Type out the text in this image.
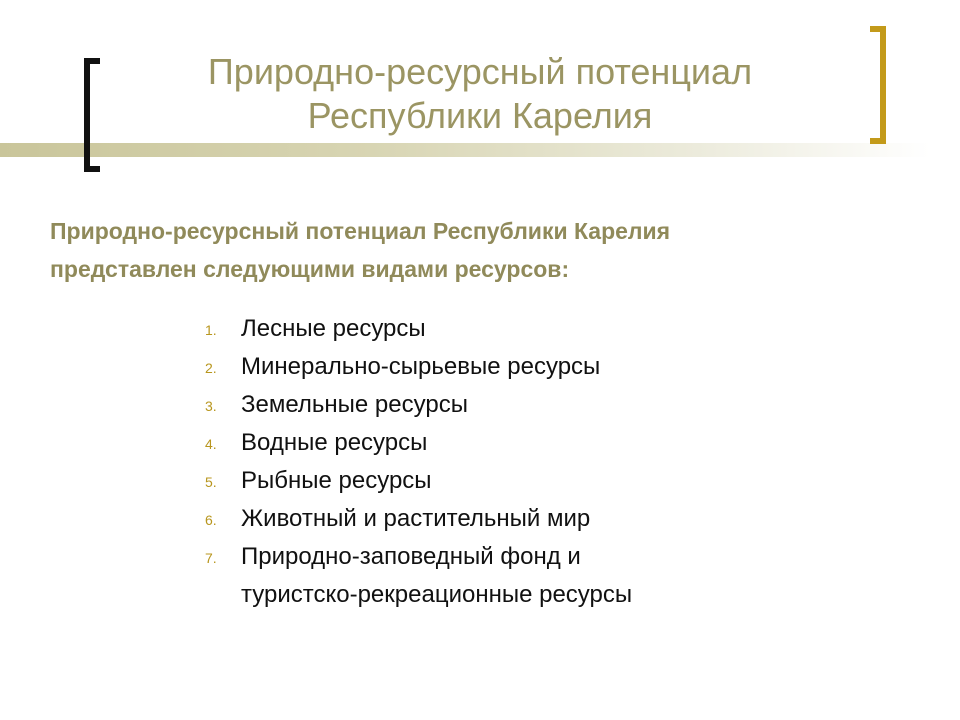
Природно-ресурсный потенциал
Республики Карелия

Природно-ресурсный потенциал Республики Карелия
представлен следующими видами ресурсов:

1. Лесные ресурсы
2. Минерально-сырьевые ресурсы
3. Земельные ресурсы
4. Водные ресурсы
5. Рыбные ресурсы
6. Животный и растительный мир
7. Природно-заповедный фонд и
туристско-рекреационные ресурсы
